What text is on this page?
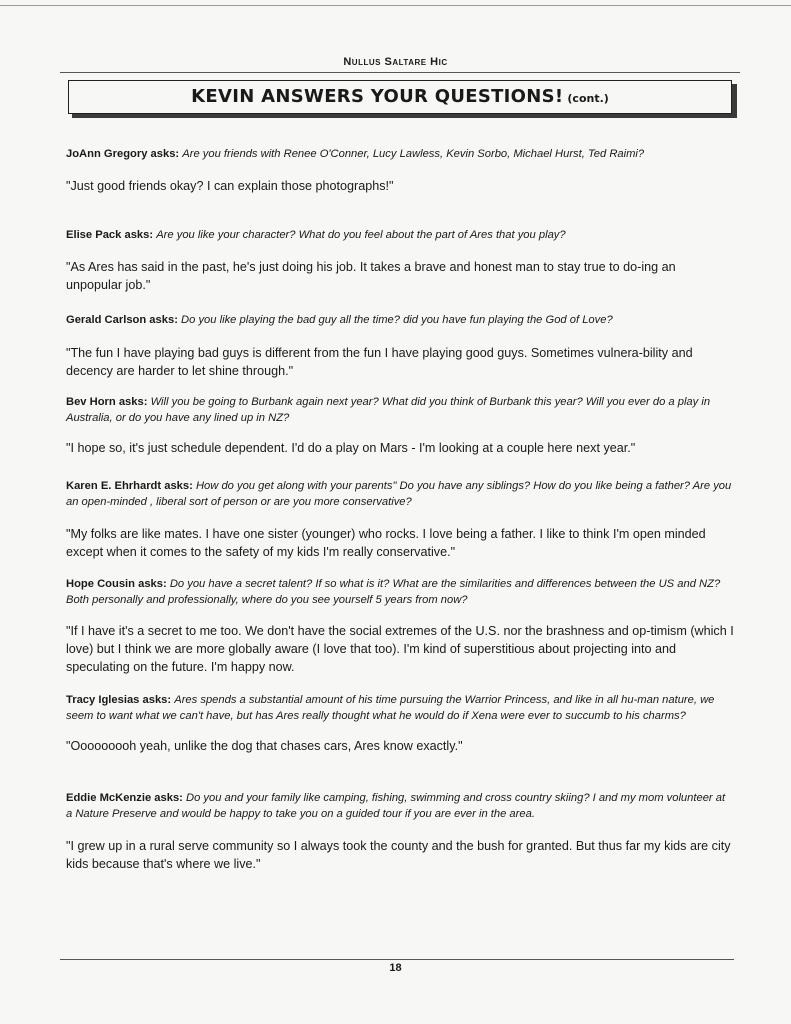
Nullus Saltare Hic
KEVIN ANSWERS YOUR QUESTIONS! (cont.)
JoAnn Gregory asks: Are you friends with Renee O'Conner, Lucy Lawless, Kevin Sorbo, Michael Hurst, Ted Raimi?
"Just good friends okay? I can explain those photographs!"
Elise Pack asks: Are you like your character? What do you feel about the part of Ares that you play?
"As Ares has said in the past, he's just doing his job. It takes a brave and honest man to stay true to do-ing an unpopular job."
Gerald Carlson asks: Do you like playing the bad guy all the time? did you have fun playing the God of Love?
"The fun I have playing bad guys is different from the fun I have playing good guys. Sometimes vulnera-bility and decency are harder to let shine through."
Bev Horn asks: Will you be going to Burbank again next year? What did you think of Burbank this year? Will you ever do a play in Australia, or do you have any lined up in NZ?
"I hope so, it's just schedule dependent. I'd do a play on Mars - I'm looking at a couple here next year."
Karen E. Ehrhardt asks: How do you get along with your parents" Do you have any siblings? How do you like being a father? Are you an open-minded , liberal sort of person or are you more conservative?
"My folks are like mates. I have one sister (younger) who rocks. I love being a father. I like to think I'm open minded except when it comes to the safety of my kids I'm really conservative."
Hope Cousin asks: Do you have a secret talent? If so what is it? What are the similarities and differences between the US and NZ? Both personally and professionally, where do you see yourself 5 years from now?
"If I have it's a secret to me too. We don't have the social extremes of the U.S. nor the brashness and op-timism (which I love) but I think we are more globally aware (I love that too). I'm kind of superstitious about projecting into and speculating on the future. I'm happy now.
Tracy Iglesias asks: Ares spends a substantial amount of his time pursuing the Warrior Princess, and like in all hu-man nature, we seem to want what we can't have, but has Ares really thought what he would do if Xena were ever to succumb to his charms?
"Ooooooooh yeah, unlike the dog that chases cars, Ares know exactly."
Eddie McKenzie asks: Do you and your family like camping, fishing, swimming and cross country skiing? I and my mom volunteer at a Nature Preserve and would be happy to take you on a guided tour if you are ever in the area.
"I grew up in a rural serve community so I always took the county and the bush for granted. But thus far my kids are city kids because that's where we live."
18
